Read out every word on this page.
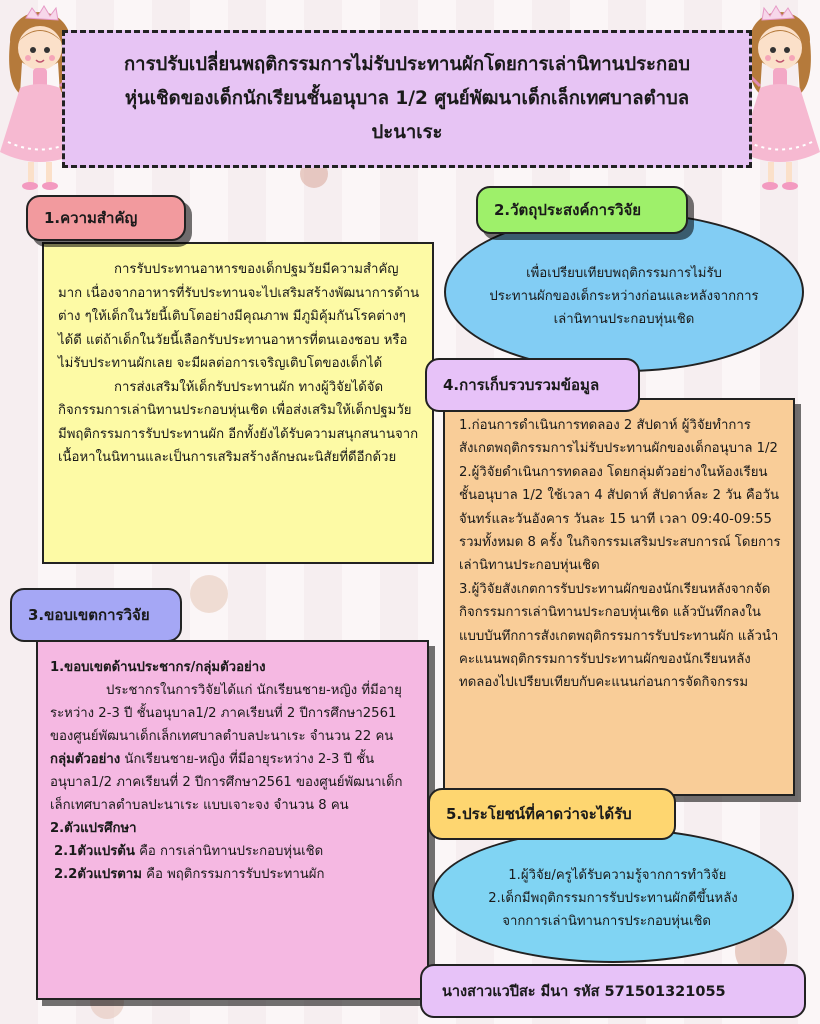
การปรับเปลี่ยนพฤติกรรมการไม่รับประทานผักโดยการเล่านิทานประกอบ
หุ่นเชิดของเด็กนักเรียนชั้นอนุบาล 1/2 ศูนย์พัฒนาเด็กเล็กเทศบาลตำบล
ปะนาเระ

การรับประทานอาหารของเด็กปฐมวัยมีความสำคัญมาก เนื่องจากอาหารที่รับประทานจะไปเสริมสร้างพัฒนาการด้านต่าง ๆให้เด็กในวัยนี้เติบโตอย่างมีคุณภาพ มีภูมิคุ้มกันโรคต่างๆได้ดี แต่ถ้าเด็กในวัยนี้เลือกรับประทานอาหารที่ตนเองชอบ หรือ ไม่รับประทานผักเลย จะมีผลต่อการเจริญเติบโตของเด็กได้

การส่งเสริมให้เด็กรับประทานผัก ทางผู้วิจัยได้จัดกิจกรรมการเล่านิทานประกอบหุ่นเชิด เพื่อส่งเสริมให้เด็กปฐมวัยมีพฤติกรรมการรับประทานผัก อีกทั้งยังได้รับความสนุกสนานจากเนื้อหาในนิทานและเป็นการเสริมสร้างลักษณะนิสัยที่ดีอีกด้วย

1.ความสำคัญ
เพื่อเปรียบเทียบพฤติกรรมการไม่รับ
ประทานผักของเด็กระหว่างก่อนและหลังจากการ
เล่านิทานประกอบหุ่นเชิด
2.วัตถุประสงค์การวิจัย

1.ก่อนการดำเนินการทดลอง 2 สัปดาห์ ผู้วิจัยทำการสังเกตพฤติกรรมการไม่รับประทานผักของเด็กอนุบาล 1/2

2.ผู้วิจัยดำเนินการทดลอง โดยกลุ่มตัวอย่างในห้องเรียนชั้นอนุบาล 1/2 ใช้เวลา 4 สัปดาห์ สัปดาห์ละ 2 วัน คือวันจันทร์และวันอังคาร วันละ 15 นาที เวลา 09:40-09:55 รวมทั้งหมด 8 ครั้ง ในกิจกรรมเสริมประสบการณ์ โดยการเล่านิทานประกอบหุ่นเชิด

3.ผู้วิจัยสังเกตการรับประทานผักของนักเรียนหลังจากจัดกิจกรรมการเล่านิทานประกอบหุ่นเชิด แล้วบันทึกลงในแบบบันทึกการสังเกตพฤติกรรมการรับประทานผัก แล้วนำคะแนนพฤติกรรมการรับประทานผักของนักเรียนหลังทดลองไปเปรียบเทียบกับคะแนนก่อนการจัดกิจกรรม

4.การเก็บรวบรวมข้อมูล

1.ขอบเขตด้านประชากร/กลุ่มตัวอย่าง

ประชากรในการวิจัยได้แก่ นักเรียนชาย-หญิง ที่มีอายุระหว่าง 2-3 ปี ชั้นอนุบาล1/2 ภาคเรียนที่ 2 ปีการศึกษา2561 ของศูนย์พัฒนาเด็กเล็กเทศบาลตำบลปะนาเระ จำนวน 22 คน

กลุ่มตัวอย่าง นักเรียนชาย-หญิง ที่มีอายุระหว่าง 2-3 ปี ชั้นอนุบาล1/2 ภาคเรียนที่ 2 ปีการศึกษา2561 ของศูนย์พัฒนาเด็กเล็กเทศบาลตำบลปะนาเระ แบบเจาะจง จำนวน 8 คน

2.ตัวแปรศึกษา

2.1ตัวแปรต้น คือ การเล่านิทานประกอบหุ่นเชิด

2.2ตัวแปรตาม คือ พฤติกรรมการรับประทานผัก

3.ขอบเขตการวิจัย
1.ผู้วิจัย/ครูได้รับความรู้จากการทำวิจัย
2.เด็กมีพฤติกรรมการรับประทานผักดีขึ้นหลัง
จากการเล่านิทานการประกอบหุ่นเชิด
5.ประโยชน์ที่คาดว่าจะได้รับ
นางสาวแวปีสะ มีนา รหัส 571501321055
